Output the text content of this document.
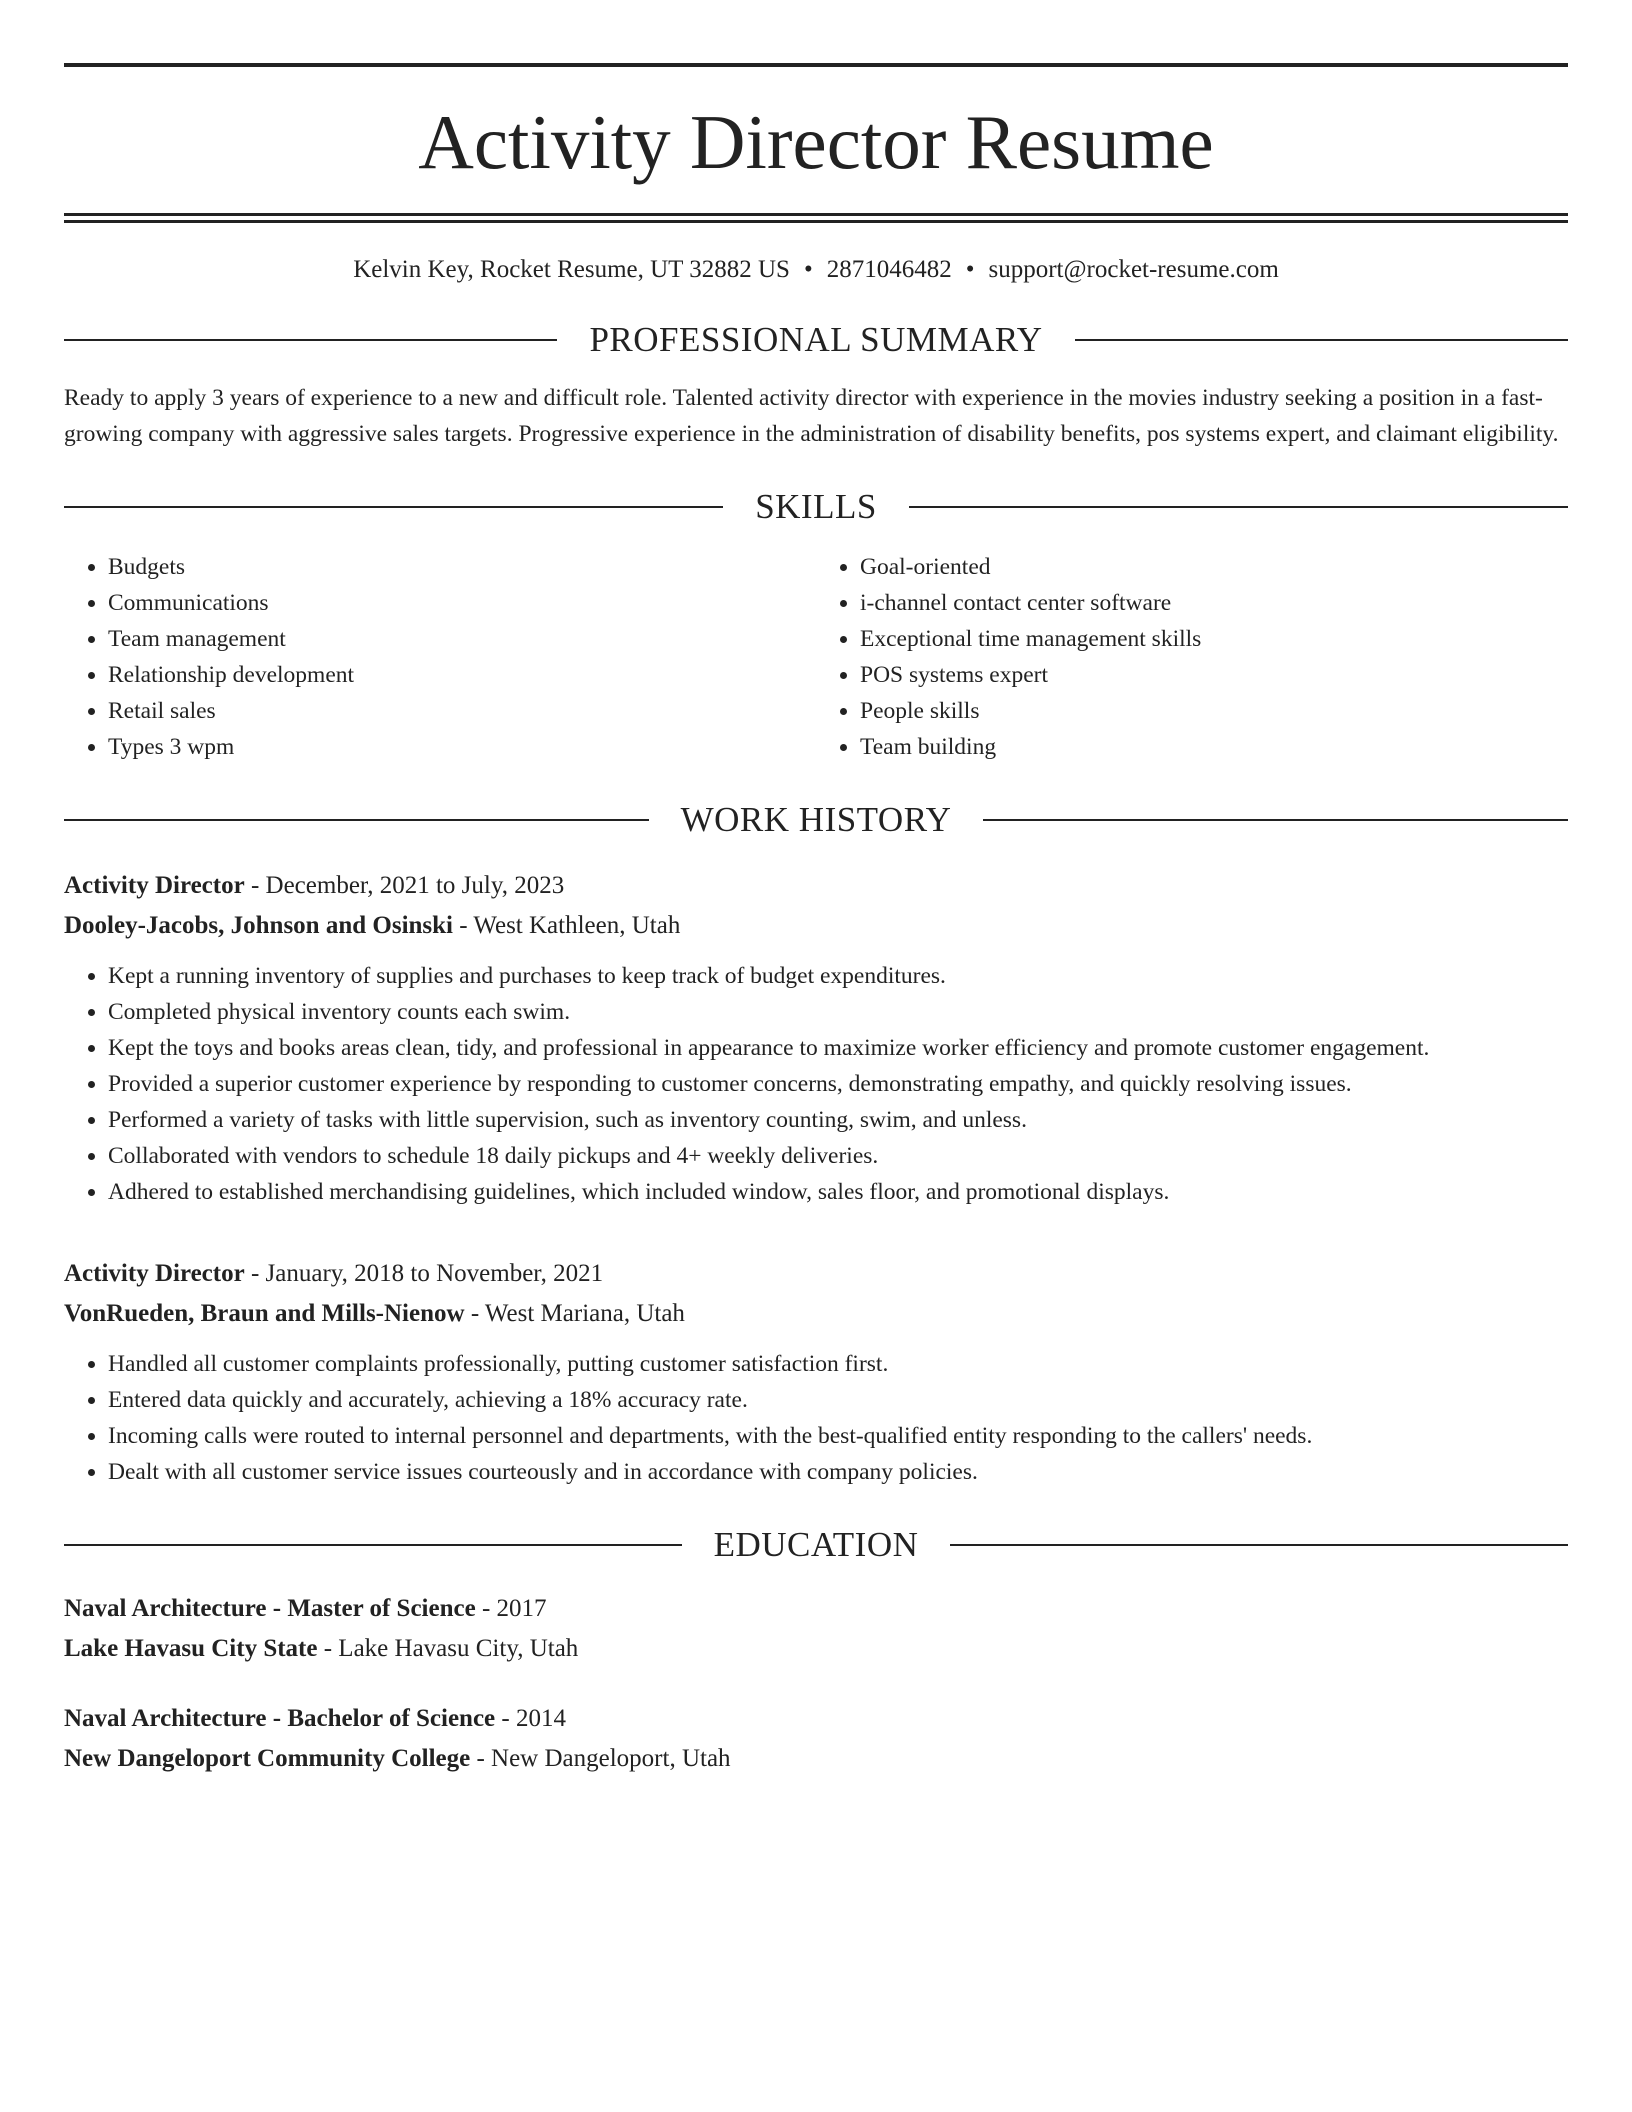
Activity Director Resume
Kelvin Key, Rocket Resume, UT 32882 US • 2871046482 • support@rocket-resume.com
PROFESSIONAL SUMMARY
Ready to apply 3 years of experience to a new and difficult role. Talented activity director with experience in the movies industry seeking a position in a fast-growing company with aggressive sales targets. Progressive experience in the administration of disability benefits, pos systems expert, and claimant eligibility.
SKILLS
• Budgets
• Communications
• Team management
• Relationship development
• Retail sales
• Types 3 wpm
• Goal-oriented
• i-channel contact center software
• Exceptional time management skills
• POS systems expert
• People skills
• Team building
WORK HISTORY
Activity Director - December, 2021 to July, 2023
Dooley-Jacobs, Johnson and Osinski - West Kathleen, Utah
• Kept a running inventory of supplies and purchases to keep track of budget expenditures.
• Completed physical inventory counts each swim.
• Kept the toys and books areas clean, tidy, and professional in appearance to maximize worker efficiency and promote customer engagement.
• Provided a superior customer experience by responding to customer concerns, demonstrating empathy, and quickly resolving issues.
• Performed a variety of tasks with little supervision, such as inventory counting, swim, and unless.
• Collaborated with vendors to schedule 18 daily pickups and 4+ weekly deliveries.
• Adhered to established merchandising guidelines, which included window, sales floor, and promotional displays.
Activity Director - January, 2018 to November, 2021
VonRueden, Braun and Mills-Nienow - West Mariana, Utah
• Handled all customer complaints professionally, putting customer satisfaction first.
• Entered data quickly and accurately, achieving a 18% accuracy rate.
• Incoming calls were routed to internal personnel and departments, with the best-qualified entity responding to the callers' needs.
• Dealt with all customer service issues courteously and in accordance with company policies.
EDUCATION
Naval Architecture - Master of Science - 2017
Lake Havasu City State - Lake Havasu City, Utah
Naval Architecture - Bachelor of Science - 2014
New Dangeloport Community College - New Dangeloport, Utah
